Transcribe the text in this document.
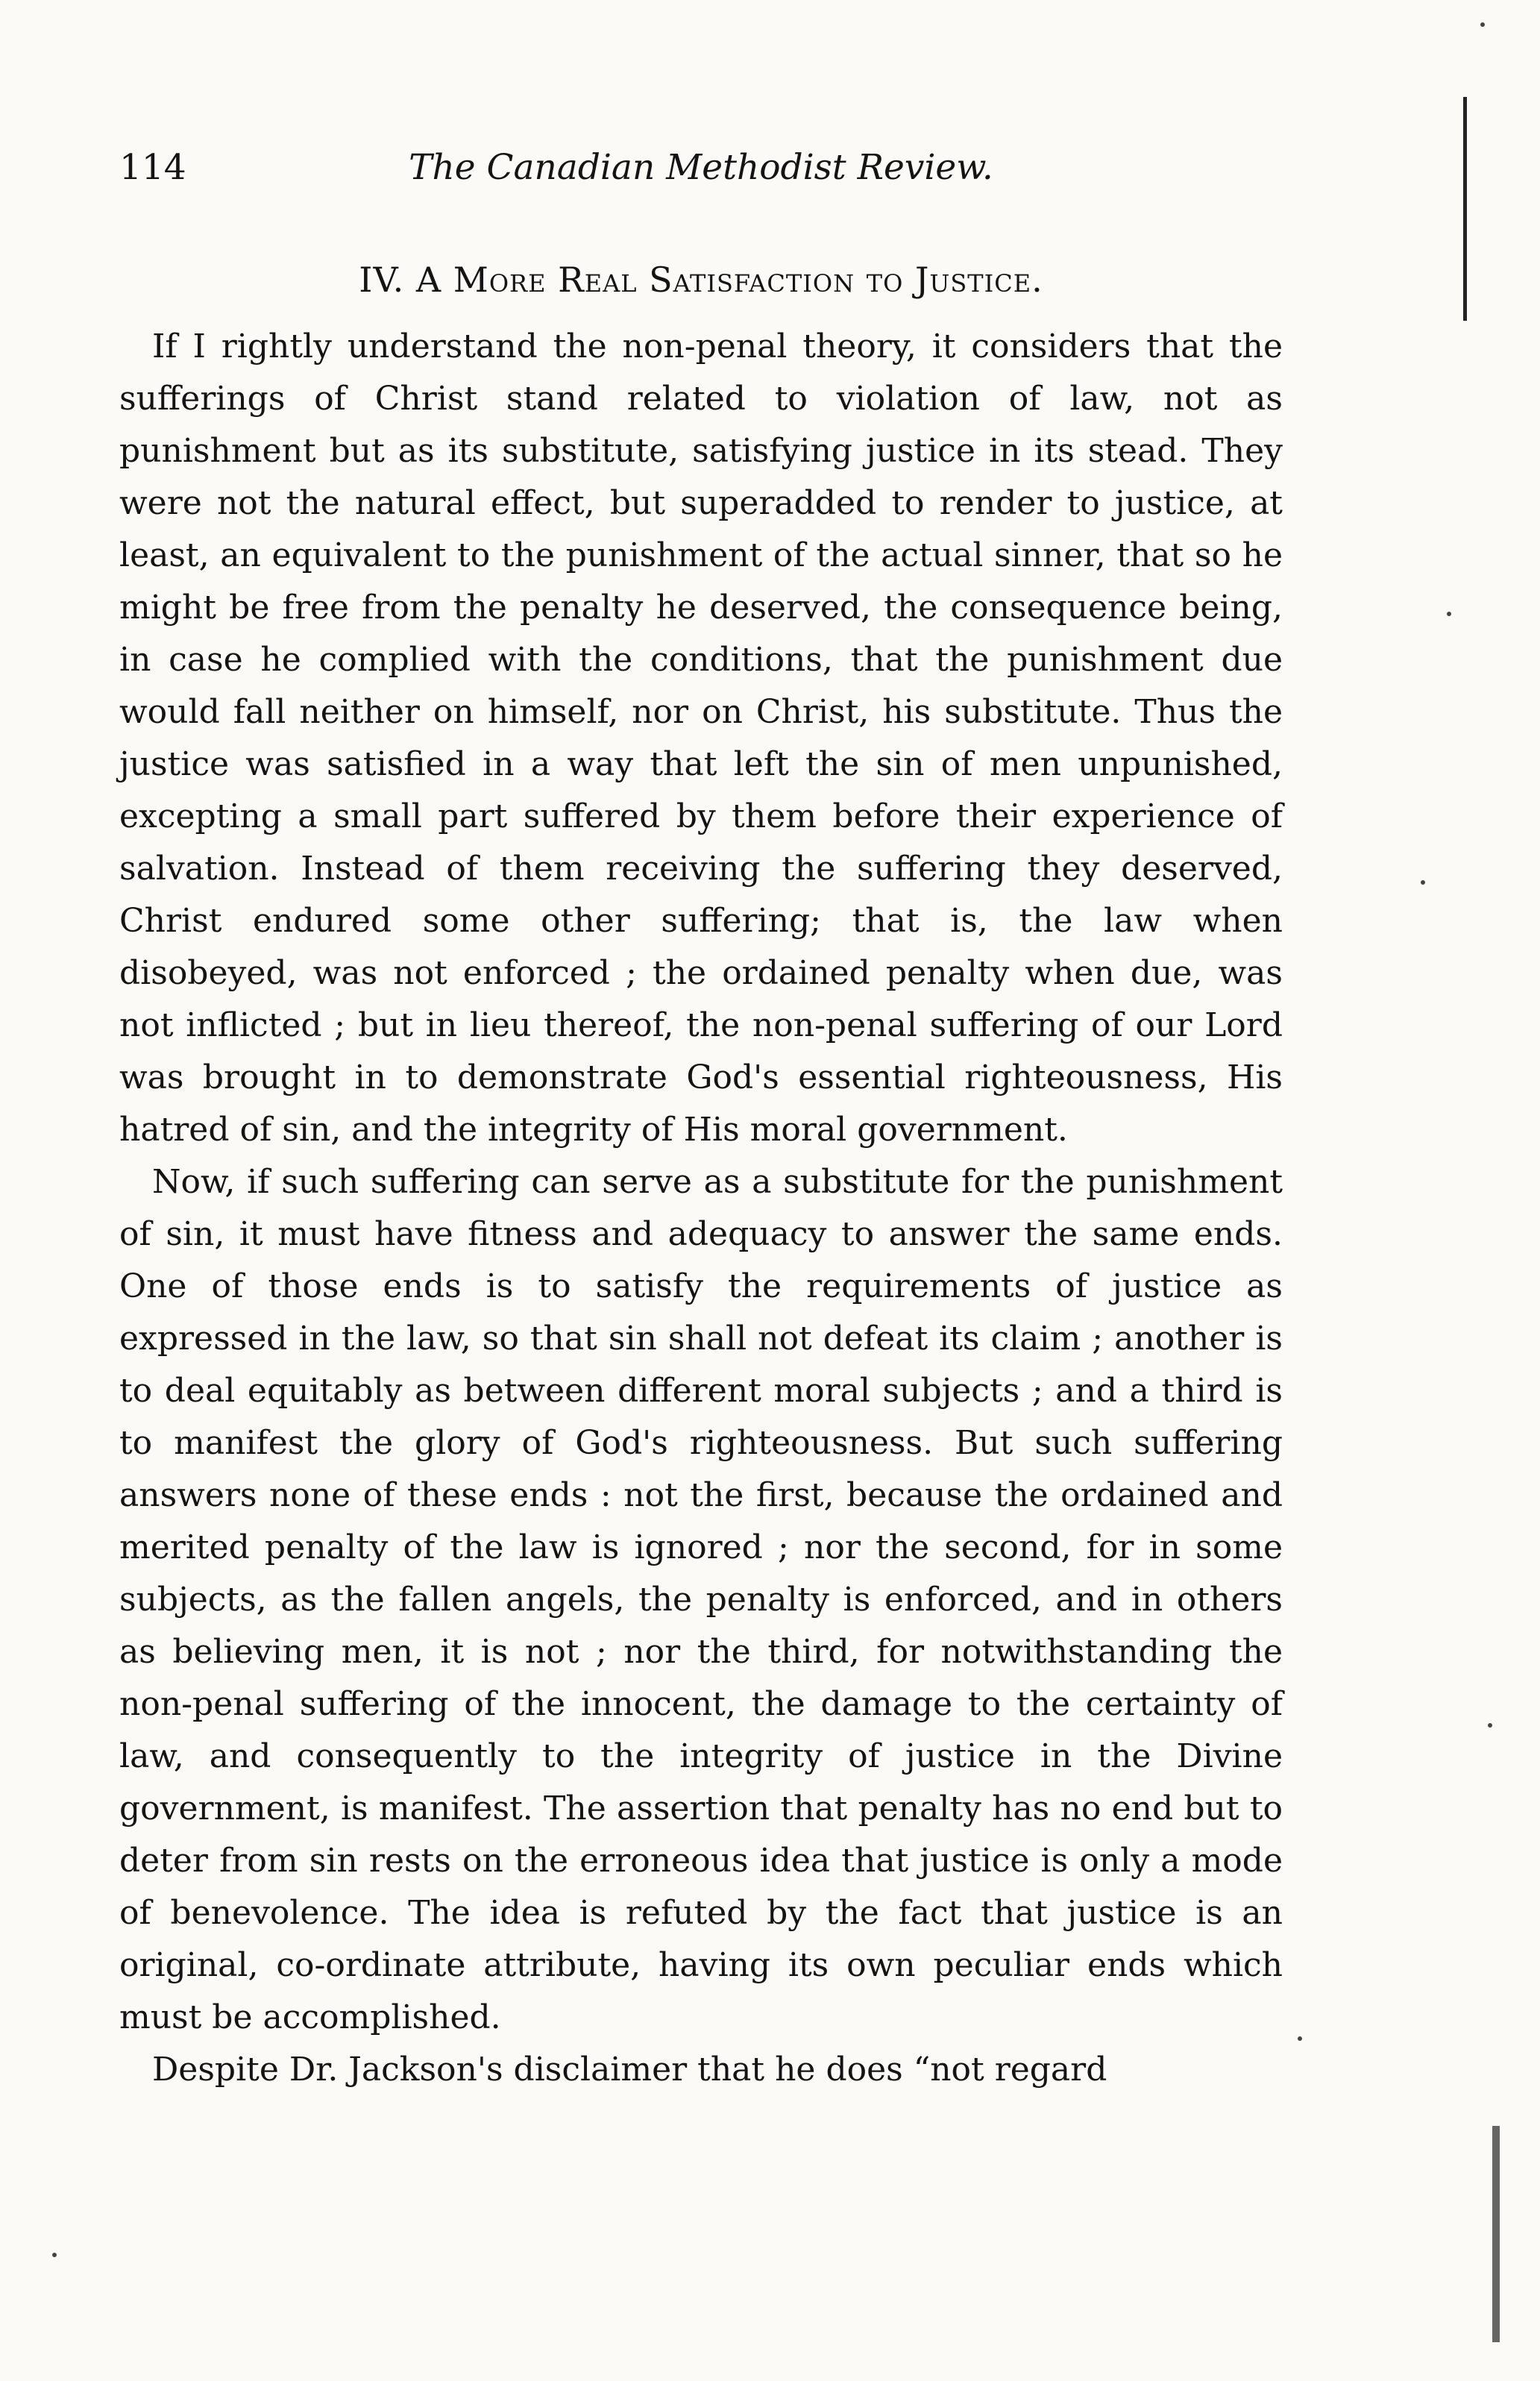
114	The Canadian Methodist Review.
IV. A More Real Satisfaction to Justice.

If I rightly understand the non-penal theory, it considers that the sufferings of Christ stand related to violation of law, not as punishment but as its substitute, satisfying justice in its stead. They were not the natural effect, but superadded to render to justice, at least, an equivalent to the punishment of the actual sinner, that so he might be free from the penalty he deserved, the consequence being, in case he complied with the conditions, that the punishment due would fall neither on himself, nor on Christ, his substitute. Thus the justice was satisfied in a way that left the sin of men unpunished, excepting a small part suffered by them before their experience of salvation. Instead of them receiving the suffering they deserved, Christ endured some other suffering; that is, the law when disobeyed, was not enforced ; the ordained penalty when due, was not inflicted ; but in lieu thereof, the non-penal suffering of our Lord was brought in to demonstrate God's essential righteousness, His hatred of sin, and the integrity of His moral government.

Now, if such suffering can serve as a substitute for the punishment of sin, it must have fitness and adequacy to answer the same ends. One of those ends is to satisfy the requirements of justice as expressed in the law, so that sin shall not defeat its claim ; another is to deal equitably as between different moral subjects ; and a third is to manifest the glory of God's righteousness. But such suffering answers none of these ends : not the first, because the ordained and merited penalty of the law is ignored ; nor the second, for in some subjects, as the fallen angels, the penalty is enforced, and in others as believing men, it is not ; nor the third, for notwithstanding the non-penal suffering of the innocent, the damage to the certainty of law, and consequently to the integrity of justice in the Divine government, is manifest. The assertion that penalty has no end but to deter from sin rests on the erroneous idea that justice is only a mode of benevolence. The idea is refuted by the fact that justice is an original, co-ordinate attribute, having its own peculiar ends which must be accomplished.

Despite Dr. Jackson's disclaimer that he does “not regard
